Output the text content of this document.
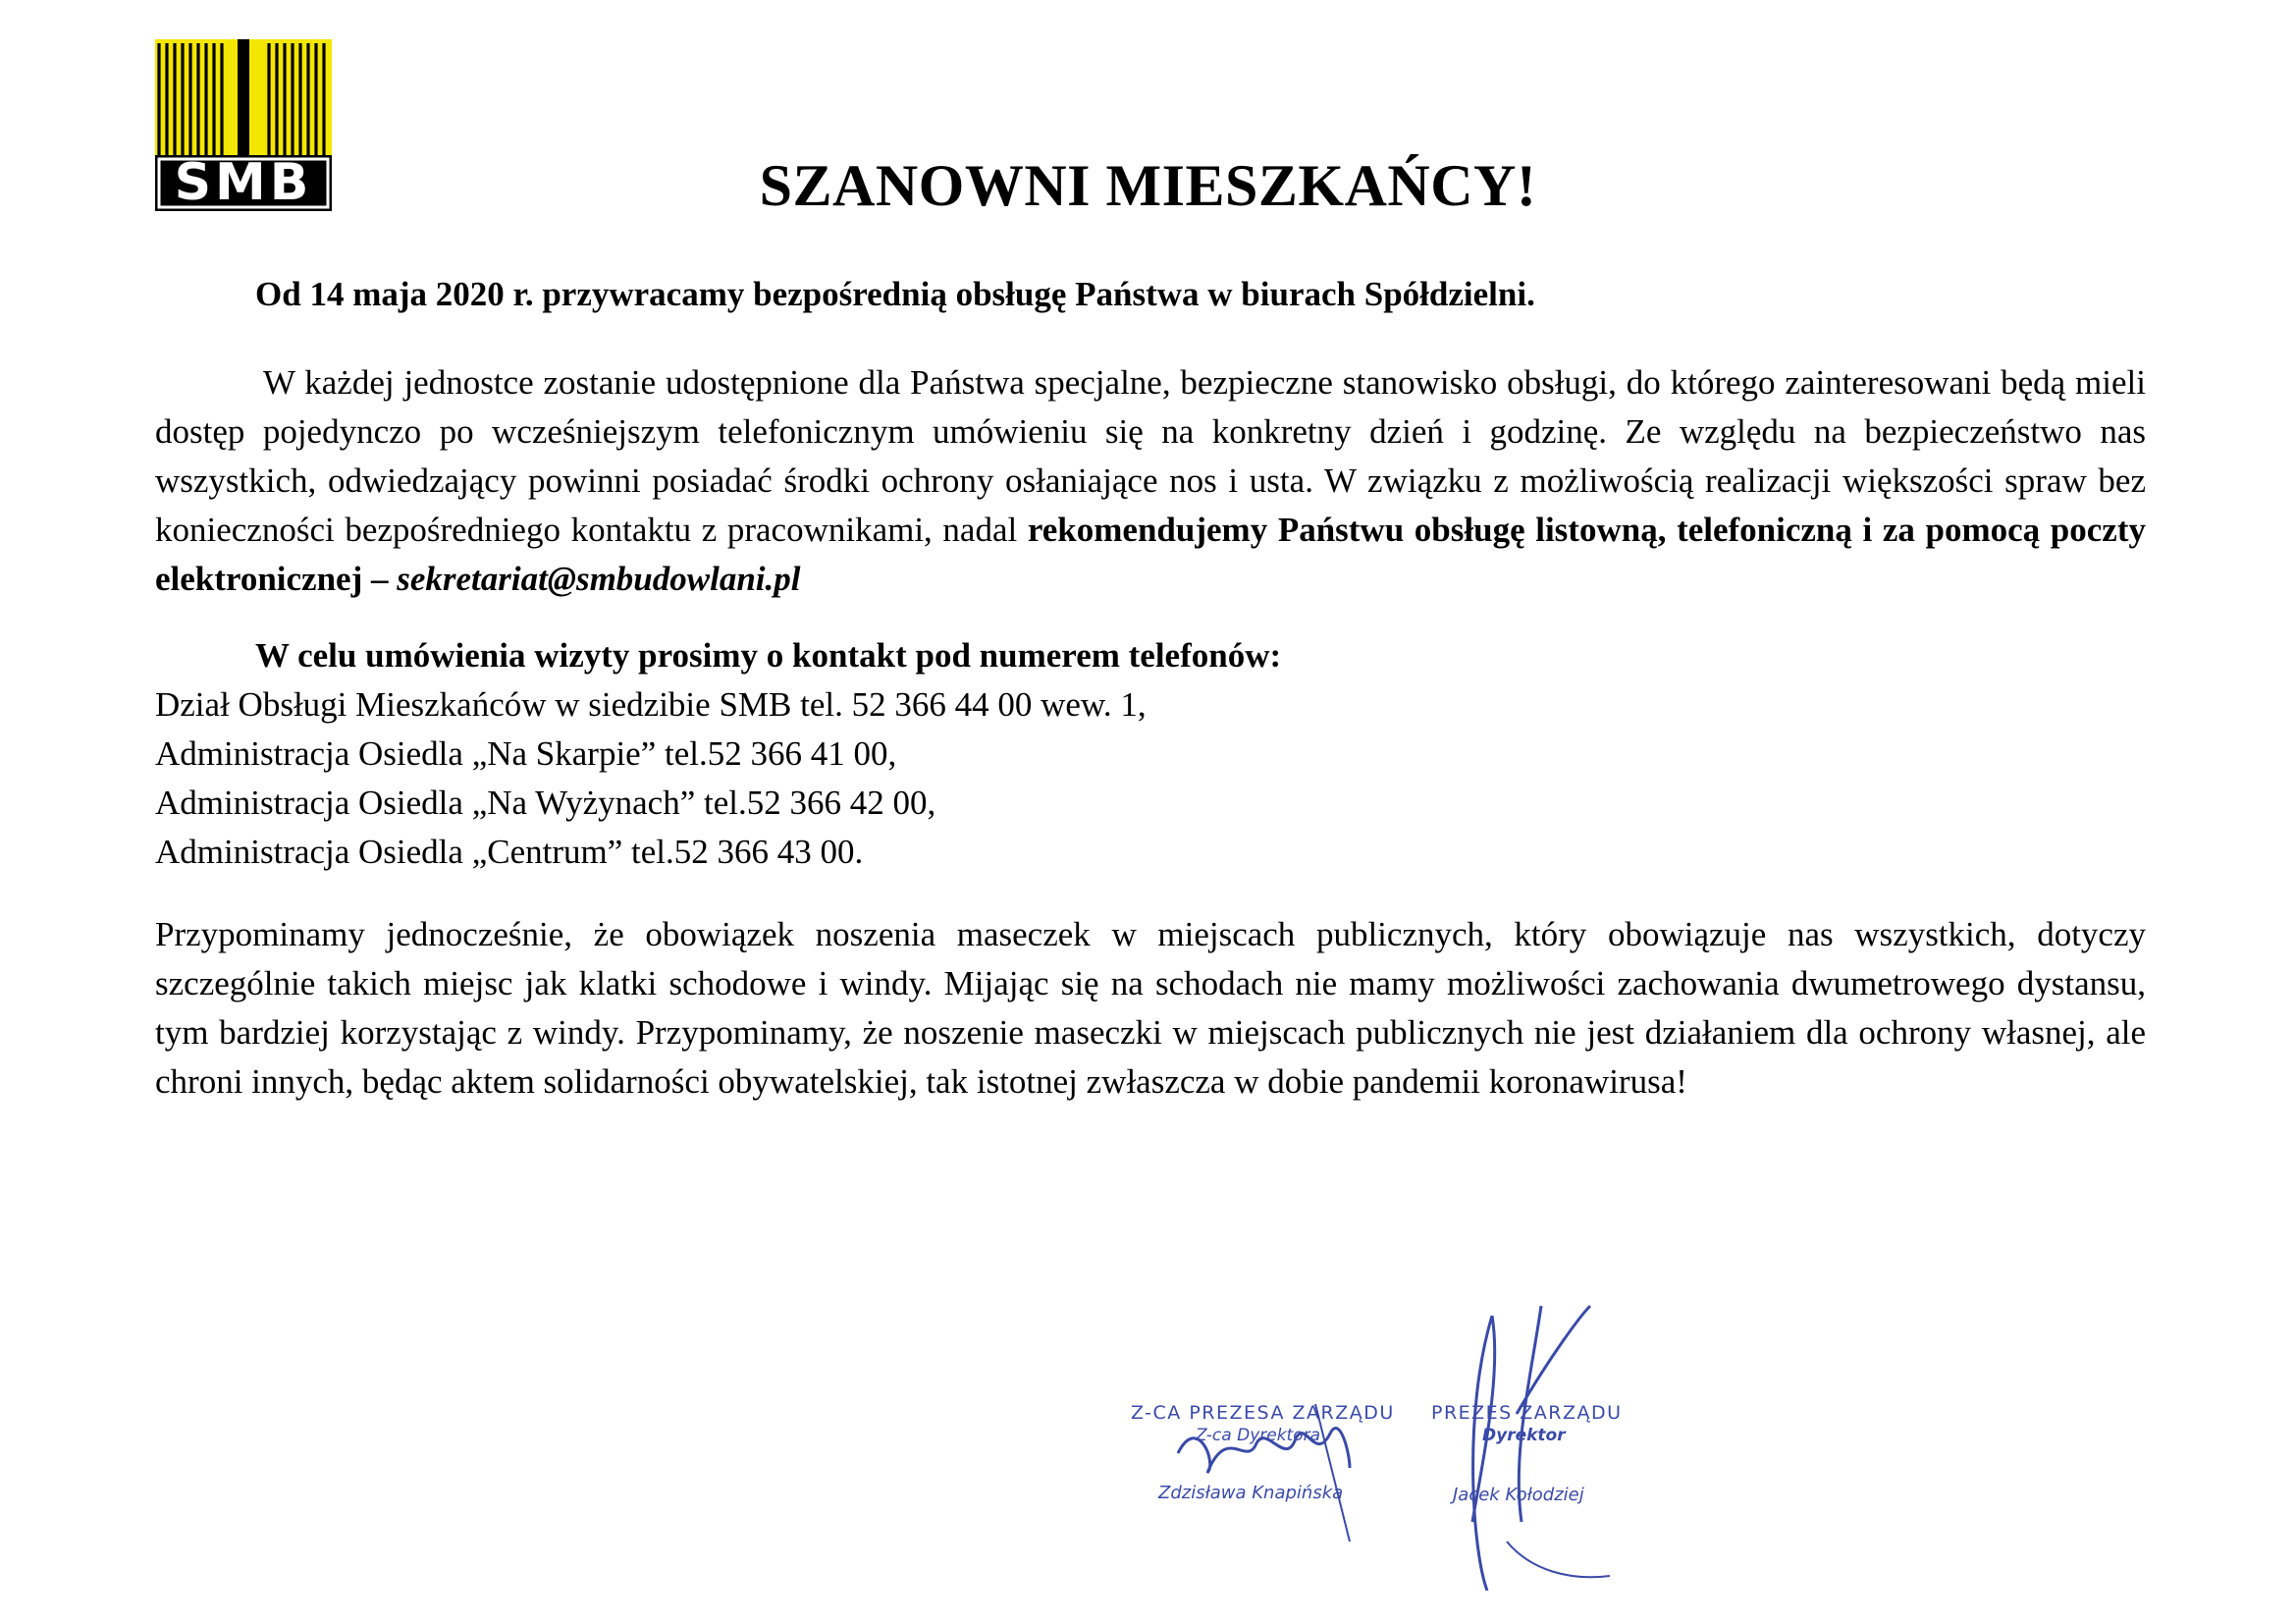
SMB	SZANOWNI MIESZKAŃCY!

Od 14 maja 2020 r. przywracamy bezpośrednią obsługę Państwa w biurach Spółdzielni.

W każdej jednostce zostanie udostępnione dla Państwa specjalne, bezpieczne stanowisko obsługi, do którego zainteresowani będą mieli dostęp pojedynczo po wcześniejszym telefonicznym umówieniu się na konkretny dzień i godzinę. Ze względu na bezpieczeństwo nas wszystkich, odwiedzający powinni posiadać środki ochrony osłaniające nos i usta. W związku z możliwością realizacji większości spraw bez konieczności bezpośredniego kontaktu z pracownikami, nadal rekomendujemy Państwu obsługę listowną, telefoniczną i za pomocą poczty elektronicznej – sekretariat@smbudowlani.pl

W celu umówienia wizyty prosimy o kontakt pod numerem telefonów:

Dział Obsługi Mieszkańców w siedzibie SMB tel. 52 366 44 00 wew. 1,
Administracja Osiedla „Na Skarpie” tel.52 366 41 00,
Administracja Osiedla „Na Wyżynach” tel.52 366 42 00,
Administracja Osiedla „Centrum” tel.52 366 43 00.

Przypominamy jednocześnie, że obowiązek noszenia maseczek w miejscach publicznych, który obowiązuje nas wszystkich, dotyczy szczególnie takich miejsc jak klatki schodowe i windy. Mijając się na schodach nie mamy możliwości zachowania dwumetrowego dystansu, tym bardziej korzystając z windy. Przypominamy, że noszenie maseczki w miejscach publicznych nie jest działaniem dla ochrony własnej, ale chroni innych, będąc aktem solidarności obywatelskiej, tak istotnej zwłaszcza w dobie pandemii koronawirusa!

Z-CA PREZESA ZARZĄDU
Z-ca Dyrektora
Zdzisława Knapińska
PREZES ZARZĄDU
Dyrektor
Jacek Kołodziej
